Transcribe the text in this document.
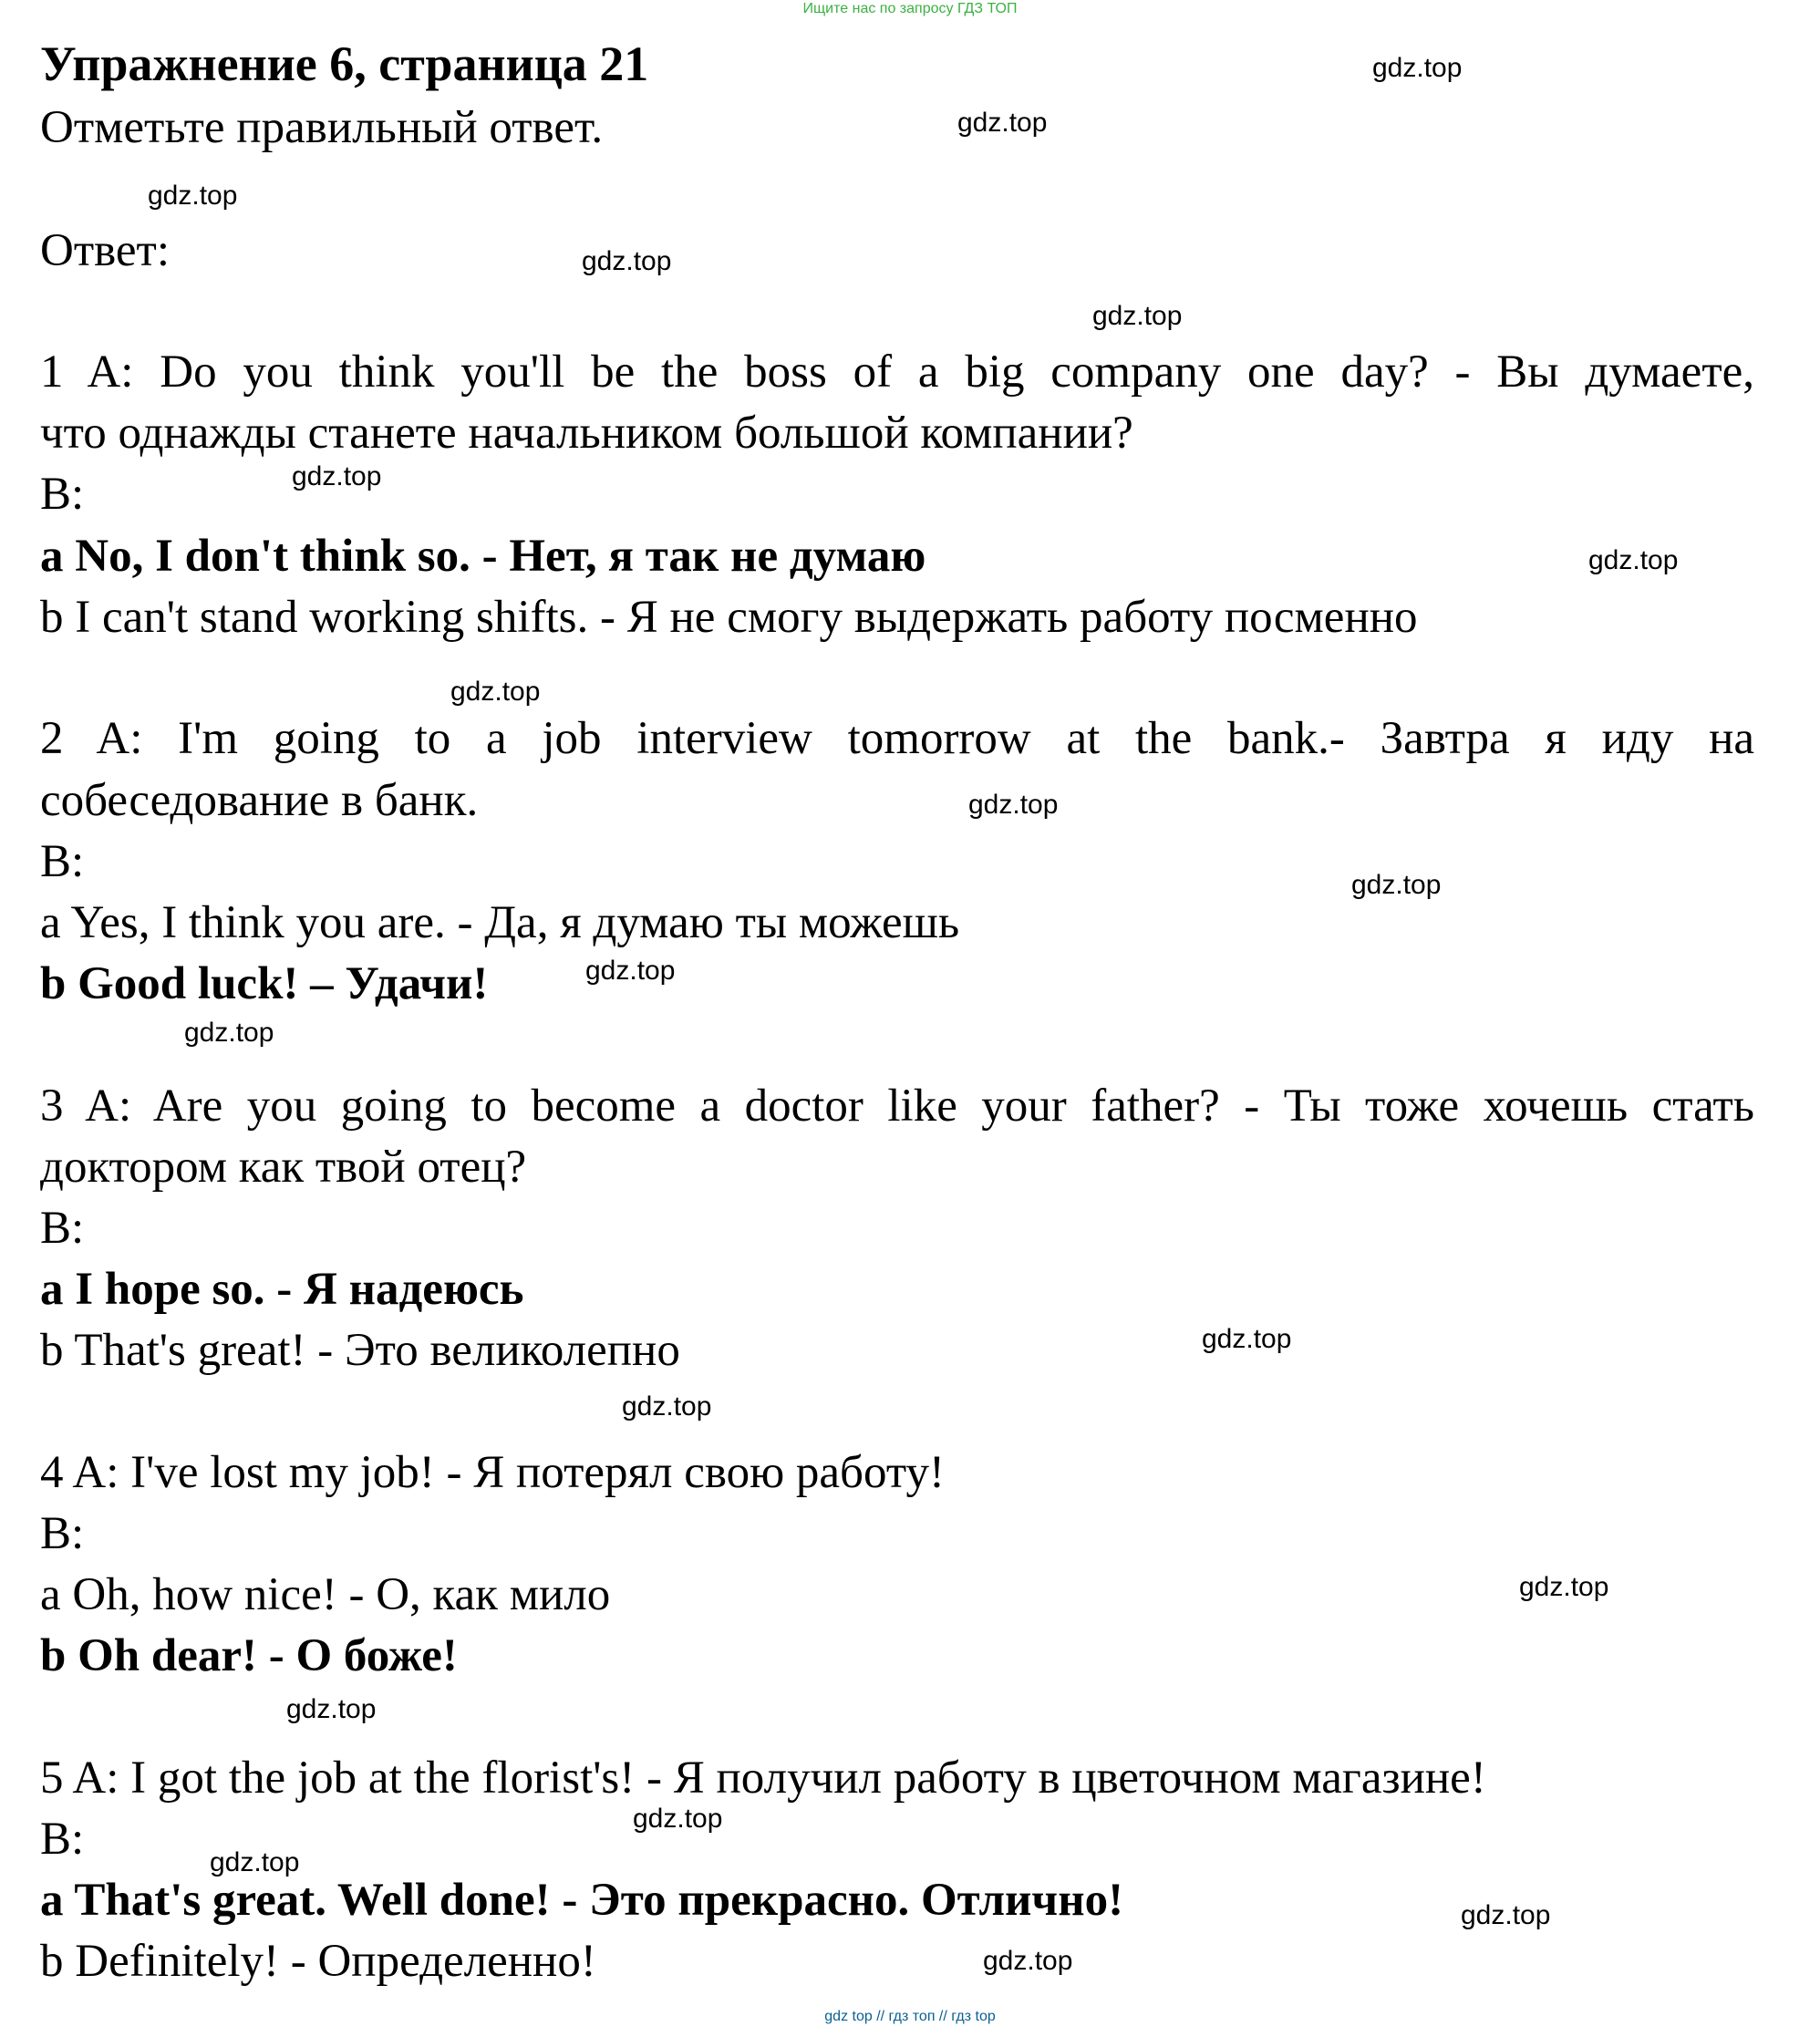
Ищите нас по запросу ГДЗ ТОП
Упражнение 6, страница 21
Отметьте правильный ответ.
Ответ:
1 A: Do you think you'll be the boss of a big company one day? - Вы думаете,
что однажды станете начальником большой компании?
B:
a No, I don't think so. - Нет, я так не думаю
b I can't stand working shifts. - Я не смогу выдержать работу посменно
2 A: I'm going to a job interview tomorrow at the bank.- Завтра я иду на
собеседование в банк.
B:
a Yes, I think you are. - Да, я думаю ты можешь
b Good luck! – Удачи!
3 A: Are you going to become a doctor like your father? - Ты тоже хочешь стать
доктором как твой отец?
B:
a I hope so. - Я надеюсь
b That's great! - Это великолепно
4 A: I've lost my job! - Я потерял свою работу!
B:
a Oh, how nice! - О, как мило
b Oh dear! - О боже!
5 A: I got the job at the florist's! - Я получил работу в цветочном магазине!
B:
a That's great. Well done! - Это прекрасно. Отлично!
b Definitely! - Определенно!
gdz.top
gdz.top
gdz.top
gdz.top
gdz.top
gdz.top
gdz.top
gdz.top
gdz.top
gdz.top
gdz.top
gdz.top
gdz.top
gdz.top
gdz.top
gdz.top
gdz.top
gdz.top
gdz.top
gdz.top
gdz top // гдз топ // гдз top
